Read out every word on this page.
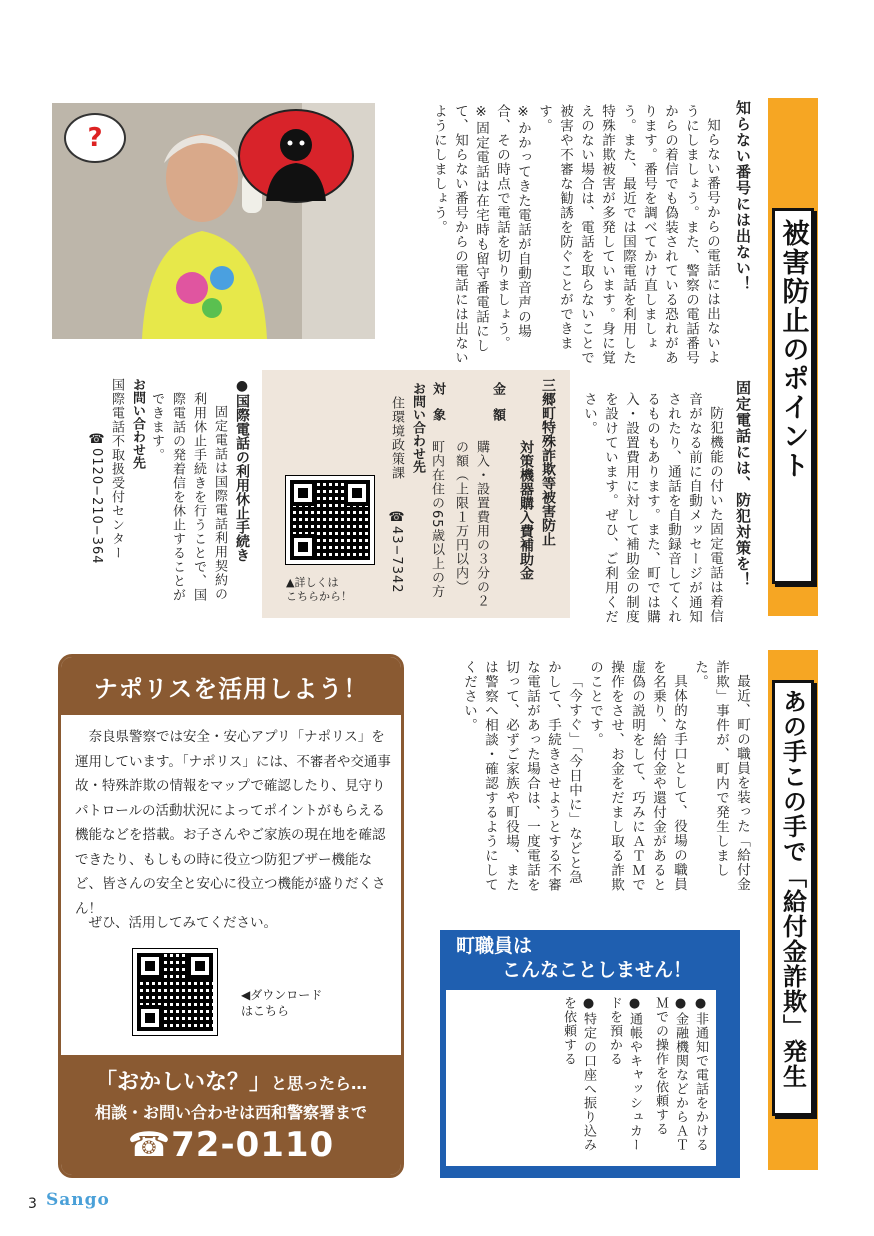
被害防止のポイント
固定電話には、防犯対策を！
防犯機能の付いた固定電話は着信音がなる前に自動メッセージが通知されたり、通話を自動録音してくれるものもあります。また、町では購入・設置費用に対して補助金の制度を設けています。ぜひ、ご利用ください。
知らない番号には出ない！

知らない番号からの電話には出ないようにしましょう。また、警察の電話番号からの着信でも偽装されている恐れがあります。番号を調べてかけ直しましょう。また、最近では国際電話を利用した特殊詐欺被害が多発しています。身に覚えのない場合は、電話を取らないことで被害や不審な勧誘を防ぐことができます。

※かかってきた電話が自動音声の場合、その時点で電話を切りましょう。

※固定電話は在宅時も留守番電話にして、知らない番号からの電話には出ないようにしましょう。

?
三郷町特殊詐欺等被害防止
対策機器購入費補助金
金　額
購入・設置費用の３分の２の額（上限１万円以内）
対　象
町内在住の65歳以上の方
お問い合わせ先
住環境政策課
☎43−7342
▲詳しくは
こちらから！
●国際電話の利用休止手続き
固定電話は国際電話利用契約の利用休止手続きを行うことで、国際電話の発着信を休止することができます。
お問い合わせ先
国際電話不取扱受付センター
☎0120−210−364
あの手この手で「給付金詐欺」発生

最近、町の職員を装った「給付金詐欺」事件が、町内で発生しました。

具体的な手口として、役場の職員を名乗り、給付金や還付金があると虚偽の説明をして、巧みにＡＴＭで操作をさせ、お金をだまし取る詐欺のことです。

「今すぐ」「今日中に」などと急かして、手続きさせようとする不審な電話があった場合は、一度電話を切って、必ずご家族や町役場、または警察へ相談・確認するようにしてください。

町職員は
こんなことしません！

●非通知で電話をかける

●金融機関などからＡＴＭでの操作を依頼する

●通帳やキャッシュカードを預かる

●特定の口座へ振り込みを依頼する

ナポリスを活用しよう！
　奈良県警察では安全・安心アプリ「ナポリス」を運用しています。「ナポリス」には、不審者や交通事故・特殊詐欺の情報をマップで確認したり、見守りパトロールの活動状況によってポイントがもらえる機能などを搭載。お子さんやご家族の現在地を確認できたり、もしもの時に役立つ防犯ブザー機能など、皆さんの安全と安心に役立つ機能が盛りだくさん！
　ぜひ、活用してみてください。
◀ダウンロード
はこちら
「おかしいな？」と思ったら…
相談・お問い合わせは西和警察署まで
☎72-0110
3 Sango
